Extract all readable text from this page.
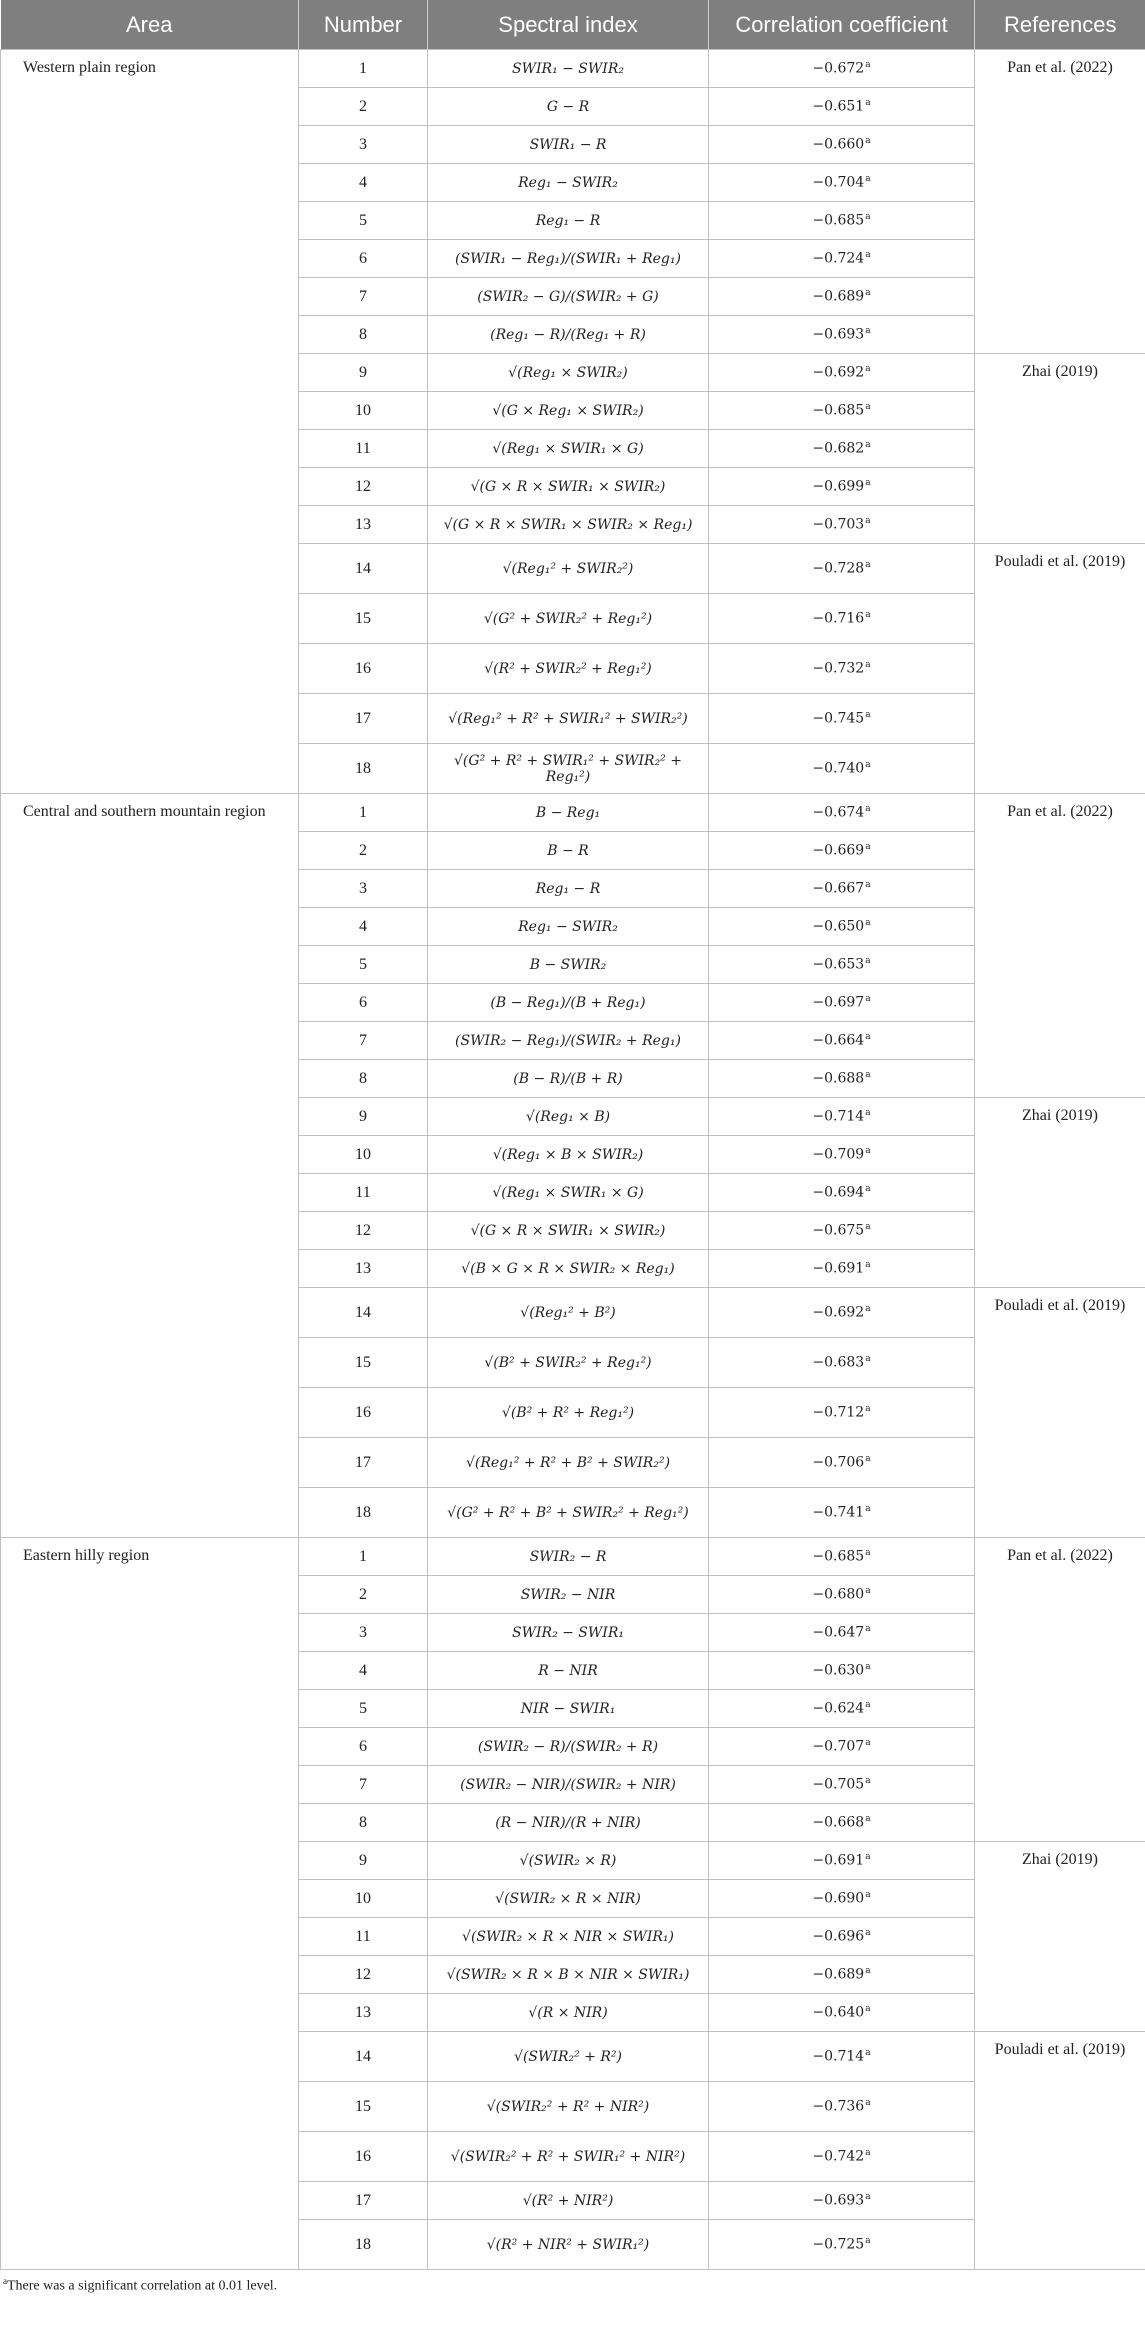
Area	Number	Spectral index	Correlation coefficient	References
Western plain region	1	SWIR₁ − SWIR₂	−0.672$^a$	Pan et al. (2022)
	2	G − R	−0.651$^a$
	3	SWIR₁ − R	−0.660$^a$
	4	Reg₁ − SWIR₂	−0.704$^a$
	5	Reg₁ − R	−0.685$^a$
	6	(SWIR₁ − Reg₁)/(SWIR₁ + Reg₁)	−0.724$^a$
	7	(SWIR₂ − G)/(SWIR₂ + G)	−0.689$^a$
	8	(Reg₁ − R)/(Reg₁ + R)	−0.693$^a$
	9	√(Reg₁ × SWIR₂)	−0.692$^a$	Zhai (2019)
	10	√(G × Reg₁ × SWIR₂)	−0.685$^a$
	11	√(Reg₁ × SWIR₁ × G)	−0.682$^a$
	12	√(G × R × SWIR₁ × SWIR₂)	−0.699$^a$
	13	√(G × R × SWIR₁ × SWIR₂ × Reg₁)	−0.703$^a$
	14	√(Reg₁² + SWIR₂²)	−0.728$^a$	Pouladi et al. (2019)
	15	√(G² + SWIR₂² + Reg₁²)	−0.716$^a$
	16	√(R² + SWIR₂² + Reg₁²)	−0.732$^a$
	17	√(Reg₁² + R² + SWIR₁² + SWIR₂²)	−0.745$^a$
	18	√(G² + R² + SWIR₁² + SWIR₂² + Reg₁²)	−0.740$^a$
Central and southern mountain region	1	B − Reg₁	−0.674$^a$	Pan et al. (2022)
	2	B − R	−0.669$^a$
	3	Reg₁ − R	−0.667$^a$
	4	Reg₁ − SWIR₂	−0.650$^a$
	5	B − SWIR₂	−0.653$^a$
	6	(B − Reg₁)/(B + Reg₁)	−0.697$^a$
	7	(SWIR₂ − Reg₁)/(SWIR₂ + Reg₁)	−0.664$^a$
	8	(B − R)/(B + R)	−0.688$^a$
	9	√(Reg₁ × B)	−0.714$^a$	Zhai (2019)
	10	√(Reg₁ × B × SWIR₂)	−0.709$^a$
	11	√(Reg₁ × SWIR₁ × G)	−0.694$^a$
	12	√(G × R × SWIR₁ × SWIR₂)	−0.675$^a$
	13	√(B × G × R × SWIR₂ × Reg₁)	−0.691$^a$
	14	√(Reg₁² + B²)	−0.692$^a$	Pouladi et al. (2019)
	15	√(B² + SWIR₂² + Reg₁²)	−0.683$^a$
	16	√(B² + R² + Reg₁²)	−0.712$^a$
	17	√(Reg₁² + R² + B² + SWIR₂²)	−0.706$^a$
	18	√(G² + R² + B² + SWIR₂² + Reg₁²)	−0.741$^a$
Eastern hilly region	1	SWIR₂ − R	−0.685$^a$	Pan et al. (2022)
	2	SWIR₂ − NIR	−0.680$^a$
	3	SWIR₂ − SWIR₁	−0.647$^a$
	4	R − NIR	−0.630$^a$
	5	NIR − SWIR₁	−0.624$^a$
	6	(SWIR₂ − R)/(SWIR₂ + R)	−0.707$^a$
	7	(SWIR₂ − NIR)/(SWIR₂ + NIR)	−0.705$^a$
	8	(R − NIR)/(R + NIR)	−0.668$^a$
	9	√(SWIR₂ × R)	−0.691$^a$	Zhai (2019)
	10	√(SWIR₂ × R × NIR)	−0.690$^a$
	11	√(SWIR₂ × R × NIR × SWIR₁)	−0.696$^a$
	12	√(SWIR₂ × R × B × NIR × SWIR₁)	−0.689$^a$
	13	√(R × NIR)	−0.640$^a$
	14	√(SWIR₂² + R²)	−0.714$^a$	Pouladi et al. (2019)
	15	√(SWIR₂² + R² + NIR²)	−0.736$^a$
	16	√(SWIR₂² + R² + SWIR₁² + NIR²)	−0.742$^a$
	17	√(R² + NIR²)	−0.693$^a$
	18	√(R² + NIR² + SWIR₁²)	−0.725$^a$

$^a$There was a significant correlation at 0.01 level.
